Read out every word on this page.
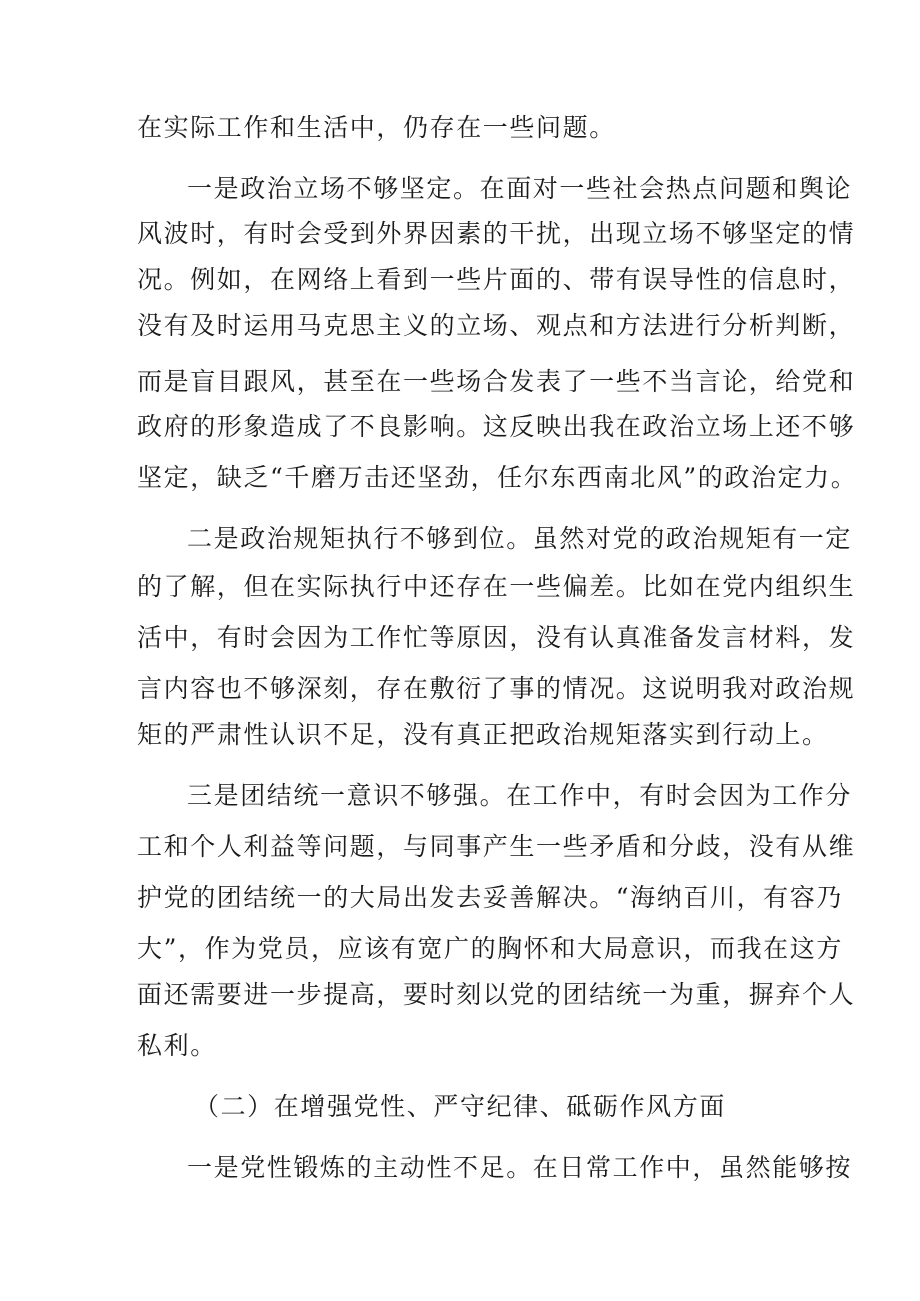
在实际工作和生活中，仍存在一些问题。
一是政治立场不够坚定。在面对一些社会热点问题和舆论
风波时，有时会受到外界因素的干扰，出现立场不够坚定的情
况。例如，在网络上看到一些片面的、带有误导性的信息时，
没有及时运用马克思主义的立场、观点和方法进行分析判断，
而是盲目跟风，甚至在一些场合发表了一些不当言论，给党和
政府的形象造成了不良影响。这反映出我在政治立场上还不够
坚定，缺乏“千磨万击还坚劲，任尔东西南北风”的政治定力。
二是政治规矩执行不够到位。虽然对党的政治规矩有一定
的了解，但在实际执行中还存在一些偏差。比如在党内组织生
活中，有时会因为工作忙等原因，没有认真准备发言材料，发
言内容也不够深刻，存在敷衍了事的情况。这说明我对政治规
矩的严肃性认识不足，没有真正把政治规矩落实到行动上。
三是团结统一意识不够强。在工作中，有时会因为工作分
工和个人利益等问题，与同事产生一些矛盾和分歧，没有从维
护党的团结统一的大局出发去妥善解决。“海纳百川，有容乃
大”，作为党员，应该有宽广的胸怀和大局意识，而我在这方
面还需要进一步提高，要时刻以党的团结统一为重，摒弃个人
私利。
（二）在增强党性、严守纪律、砥砺作风方面
一是党性锻炼的主动性不足。在日常工作中，虽然能够按
